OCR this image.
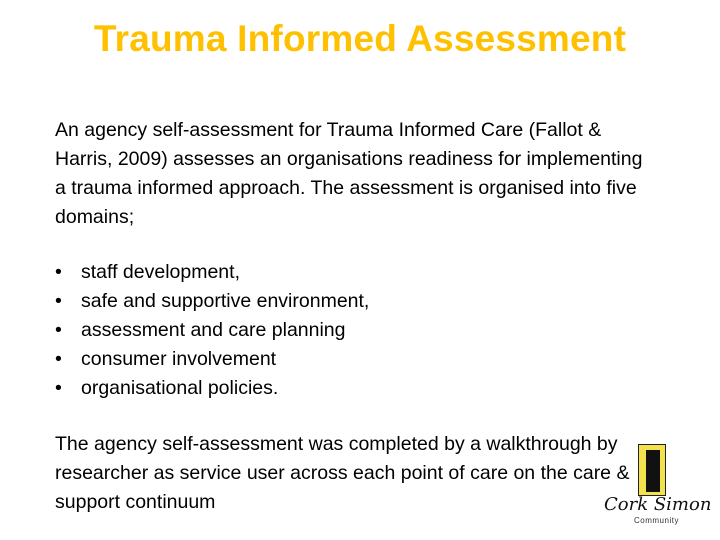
Trauma Informed Assessment

An agency self-assessment for Trauma Informed Care (Fallot & Harris, 2009) assesses an organisations readiness for implementing a trauma informed approach. The assessment is organised into five domains;

• staff development,
• safe and supportive environment,
• assessment and care planning
• consumer involvement
• organisational policies.

The agency self-assessment was completed by a walkthrough by researcher as service user across each point of care on the care & support continuum	Cork Simon
Community
